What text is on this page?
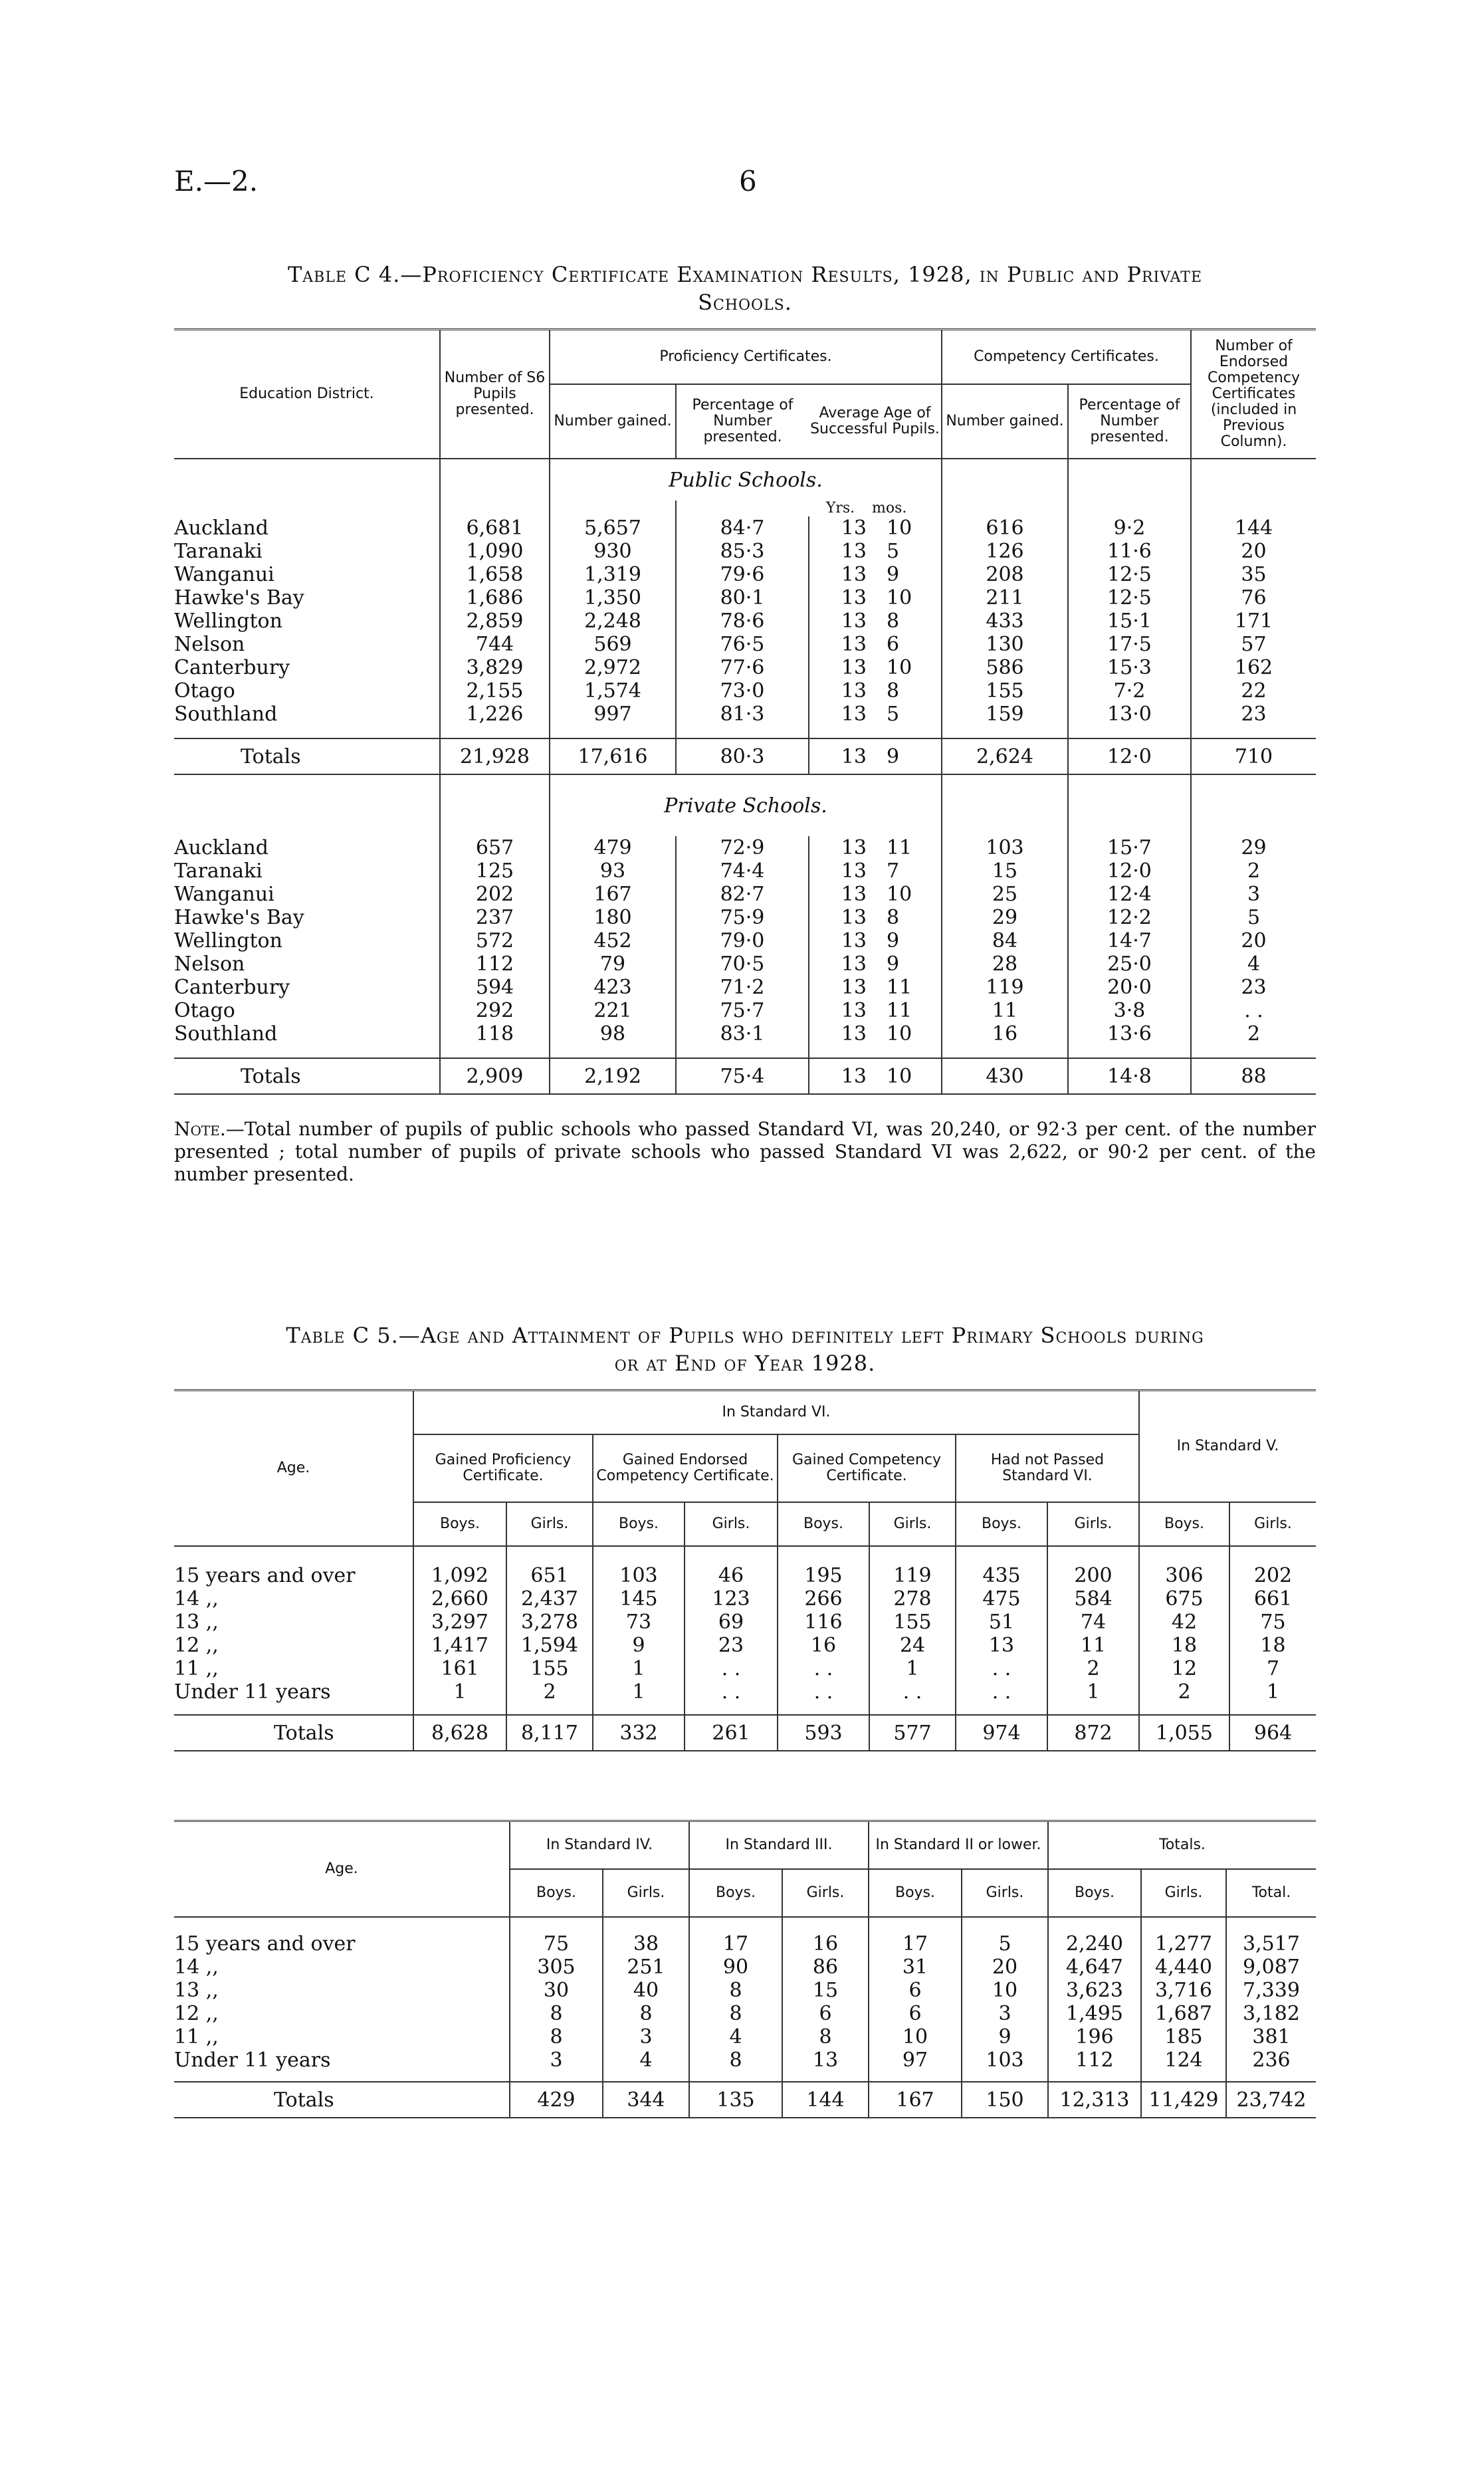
E.—2.	6
Table C 4.—Proficiency Certificate Examination Results, 1928, in Public and Private
Schools.
Education District.	Number of S6 Pupils presented.	Proficiency Certificates.				Competency Certificates.		Number of Endorsed Competency Certificates (included in Previous Column).
		Number gained.	Percentage of Number presented.	Average Age of Successful Pupils.		Number gained.	Percentage of Number presented.	
		Public Schools.						
				Yrs.	mos.			
Auckland	6,681	5,657	84·7	13	10	616	9·2	144
Taranaki	1,090	930	85·3	13	5	126	11·6	20
Wanganui	1,658	1,319	79·6	13	9	208	12·5	35
Hawke's Bay	1,686	1,350	80·1	13	10	211	12·5	76
Wellington	2,859	2,248	78·6	13	8	433	15·1	171
Nelson	744	569	76·5	13	6	130	17·5	57
Canterbury	3,829	2,972	77·6	13	10	586	15·3	162
Otago	2,155	1,574	73·0	13	8	155	7·2	22
Southland	1,226	997	81·3	13	5	159	13·0	23

Totals	21,928	17,616	80·3	13	9	2,624	12·0	710
		Private Schools.						
Auckland	657	479	72·9	13	11	103	15·7	29
Taranaki	125	93	74·4	13	7	15	12·0	2
Wanganui	202	167	82·7	13	10	25	12·4	3
Hawke's Bay	237	180	75·9	13	8	29	12·2	5
Wellington	572	452	79·0	13	9	84	14·7	20
Nelson	112	79	70·5	13	9	28	25·0	4
Canterbury	594	423	71·2	13	11	119	20·0	23
Otago	292	221	75·7	13	11	11	3·8	. .
Southland	118	98	83·1	13	10	16	13·6	2

Totals	2,909	2,192	75·4	13	10	430	14·8	88
Note.—Total number of pupils of public schools who passed Standard VI, was 20,240, or 92·3 per cent. of the number presented ; total number of pupils of private schools who passed Standard VI was 2,622, or 90·2 per cent. of the number presented.
Table C 5.—Age and Attainment of Pupils who definitely left Primary Schools during
or at End of Year 1928.
Age.	In Standard VI.								In Standard V.	
	Gained Proficiency Certificate.		Gained Endorsed Competency Certificate.		Gained Competency Certificate.		Had not Passed Standard VI.			
	Boys.	Girls.	Boys.	Girls.	Boys.	Girls.	Boys.	Girls.	Boys.	Girls.

15 years and over	1,092	651	103	46	195	119	435	200	306	202
14 ,,	2,660	2,437	145	123	266	278	475	584	675	661
13 ,,	3,297	3,278	73	69	116	155	51	74	42	75
12 ,,	1,417	1,594	9	23	16	24	13	11	18	18
11 ,,	161	155	1	. .	. .	1	. .	2	12	7
Under 11 years	1	2	1	. .	. .	. .	. .	1	2	1

Totals	8,628	8,117	332	261	593	577	974	872	1,055	964
Age.	In Standard IV.		In Standard III.		In Standard II or lower.		Totals.		
	Boys.	Girls.	Boys.	Girls.	Boys.	Girls.	Boys.	Girls.	Total.

15 years and over	75	38	17	16	17	5	2,240	1,277	3,517
14 ,,	305	251	90	86	31	20	4,647	4,440	9,087
13 ,,	30	40	8	15	6	10	3,623	3,716	7,339
12 ,,	8	8	8	6	6	3	1,495	1,687	3,182
11 ,,	8	3	4	8	10	9	196	185	381
Under 11 years	3	4	8	13	97	103	112	124	236

Totals	429	344	135	144	167	150	12,313	11,429	23,742
